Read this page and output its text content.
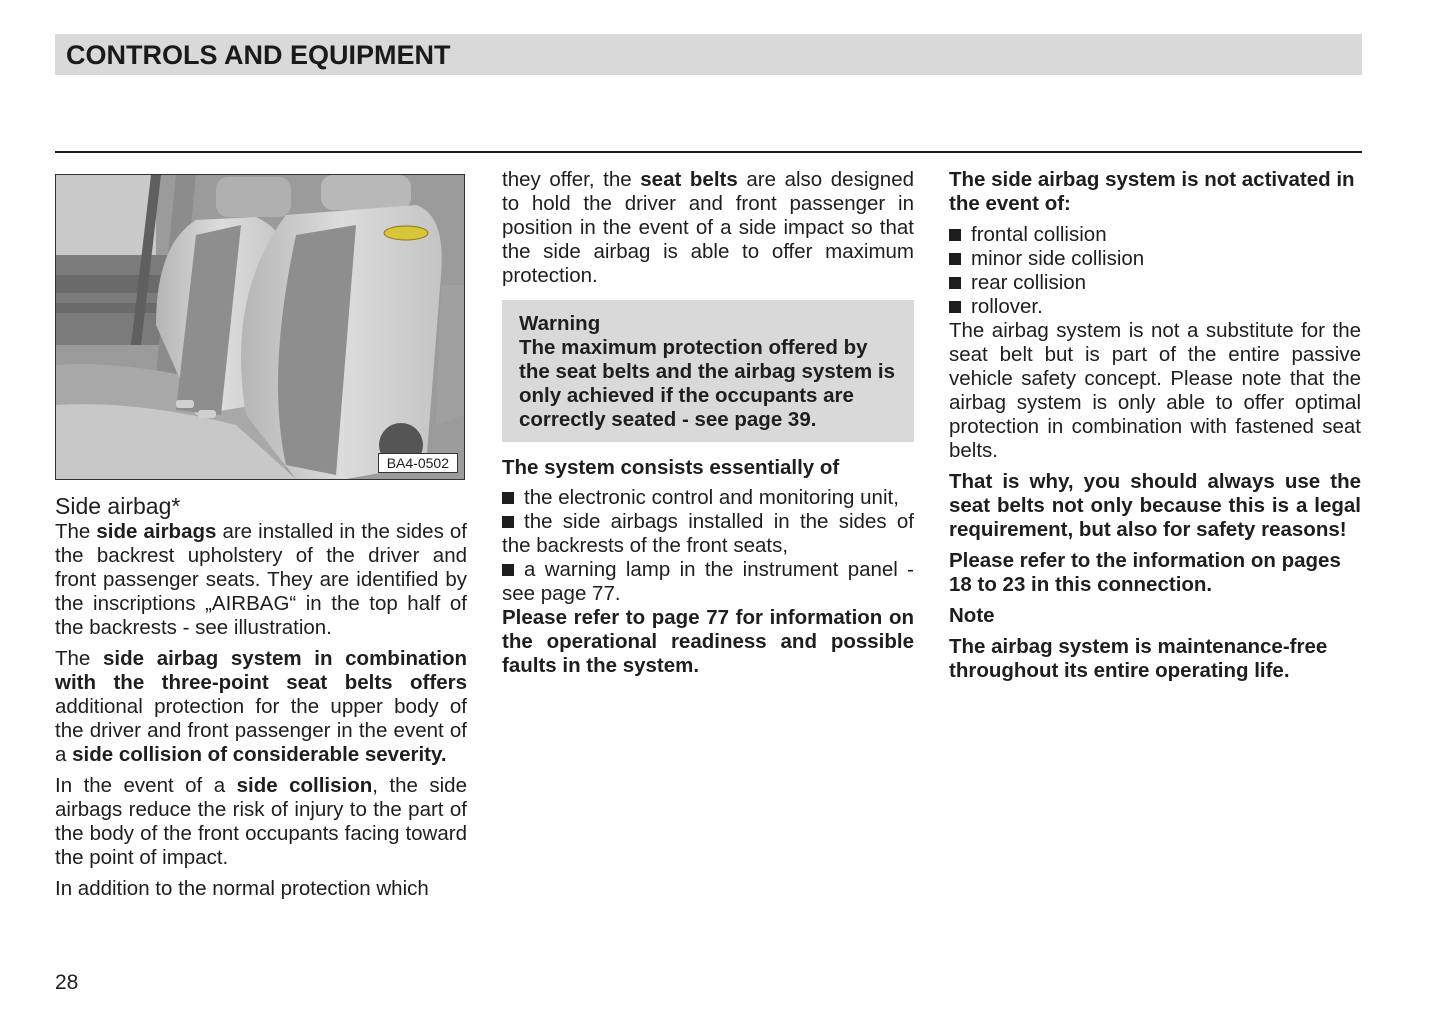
CONTROLS AND EQUIPMENT
BA4-0502
Side airbag*

The side airbags are installed in the sides of the backrest upholstery of the driver and front passenger seats. They are identified by the inscriptions „AIRBAG“ in the top half of the backrests - see illustration.

The side airbag system in combination with the three-point seat belts offers additional protection for the upper body of the driver and front passenger in the event of a side collision of considerable severity.

In the event of a side collision, the side airbags reduce the risk of injury to the part of the body of the front occupants facing toward the point of impact.

In addition to the normal protection which

they offer, the seat belts are also designed to hold the driver and front passenger in position in the event of a side impact so that the side airbag is able to offer maximum protection.

Warning

The maximum protection offered by the seat belts and the airbag system is only achieved if the occupants are correctly seated - see page 39.

The system consists essentially of

the electronic control and monitoring unit,
the side airbags installed in the sides of the backrests of the front seats,
a warning lamp in the instrument panel - see page 77.

Please refer to page 77 for information on the operational readiness and possible faults in the system.

The side airbag system is not activated in the event of:

frontal collision
minor side collision
rear collision
rollover.

The airbag system is not a substitute for the seat belt but is part of the entire passive vehicle safety concept. Please note that the airbag system is only able to offer optimal protection in combination with fastened seat belts.

That is why, you should always use the seat belts not only because this is a legal requirement, but also for safety reasons!

Please refer to the information on pages 18 to 23 in this connection.

Note

The airbag system is maintenance-free throughout its entire operating life.

28
